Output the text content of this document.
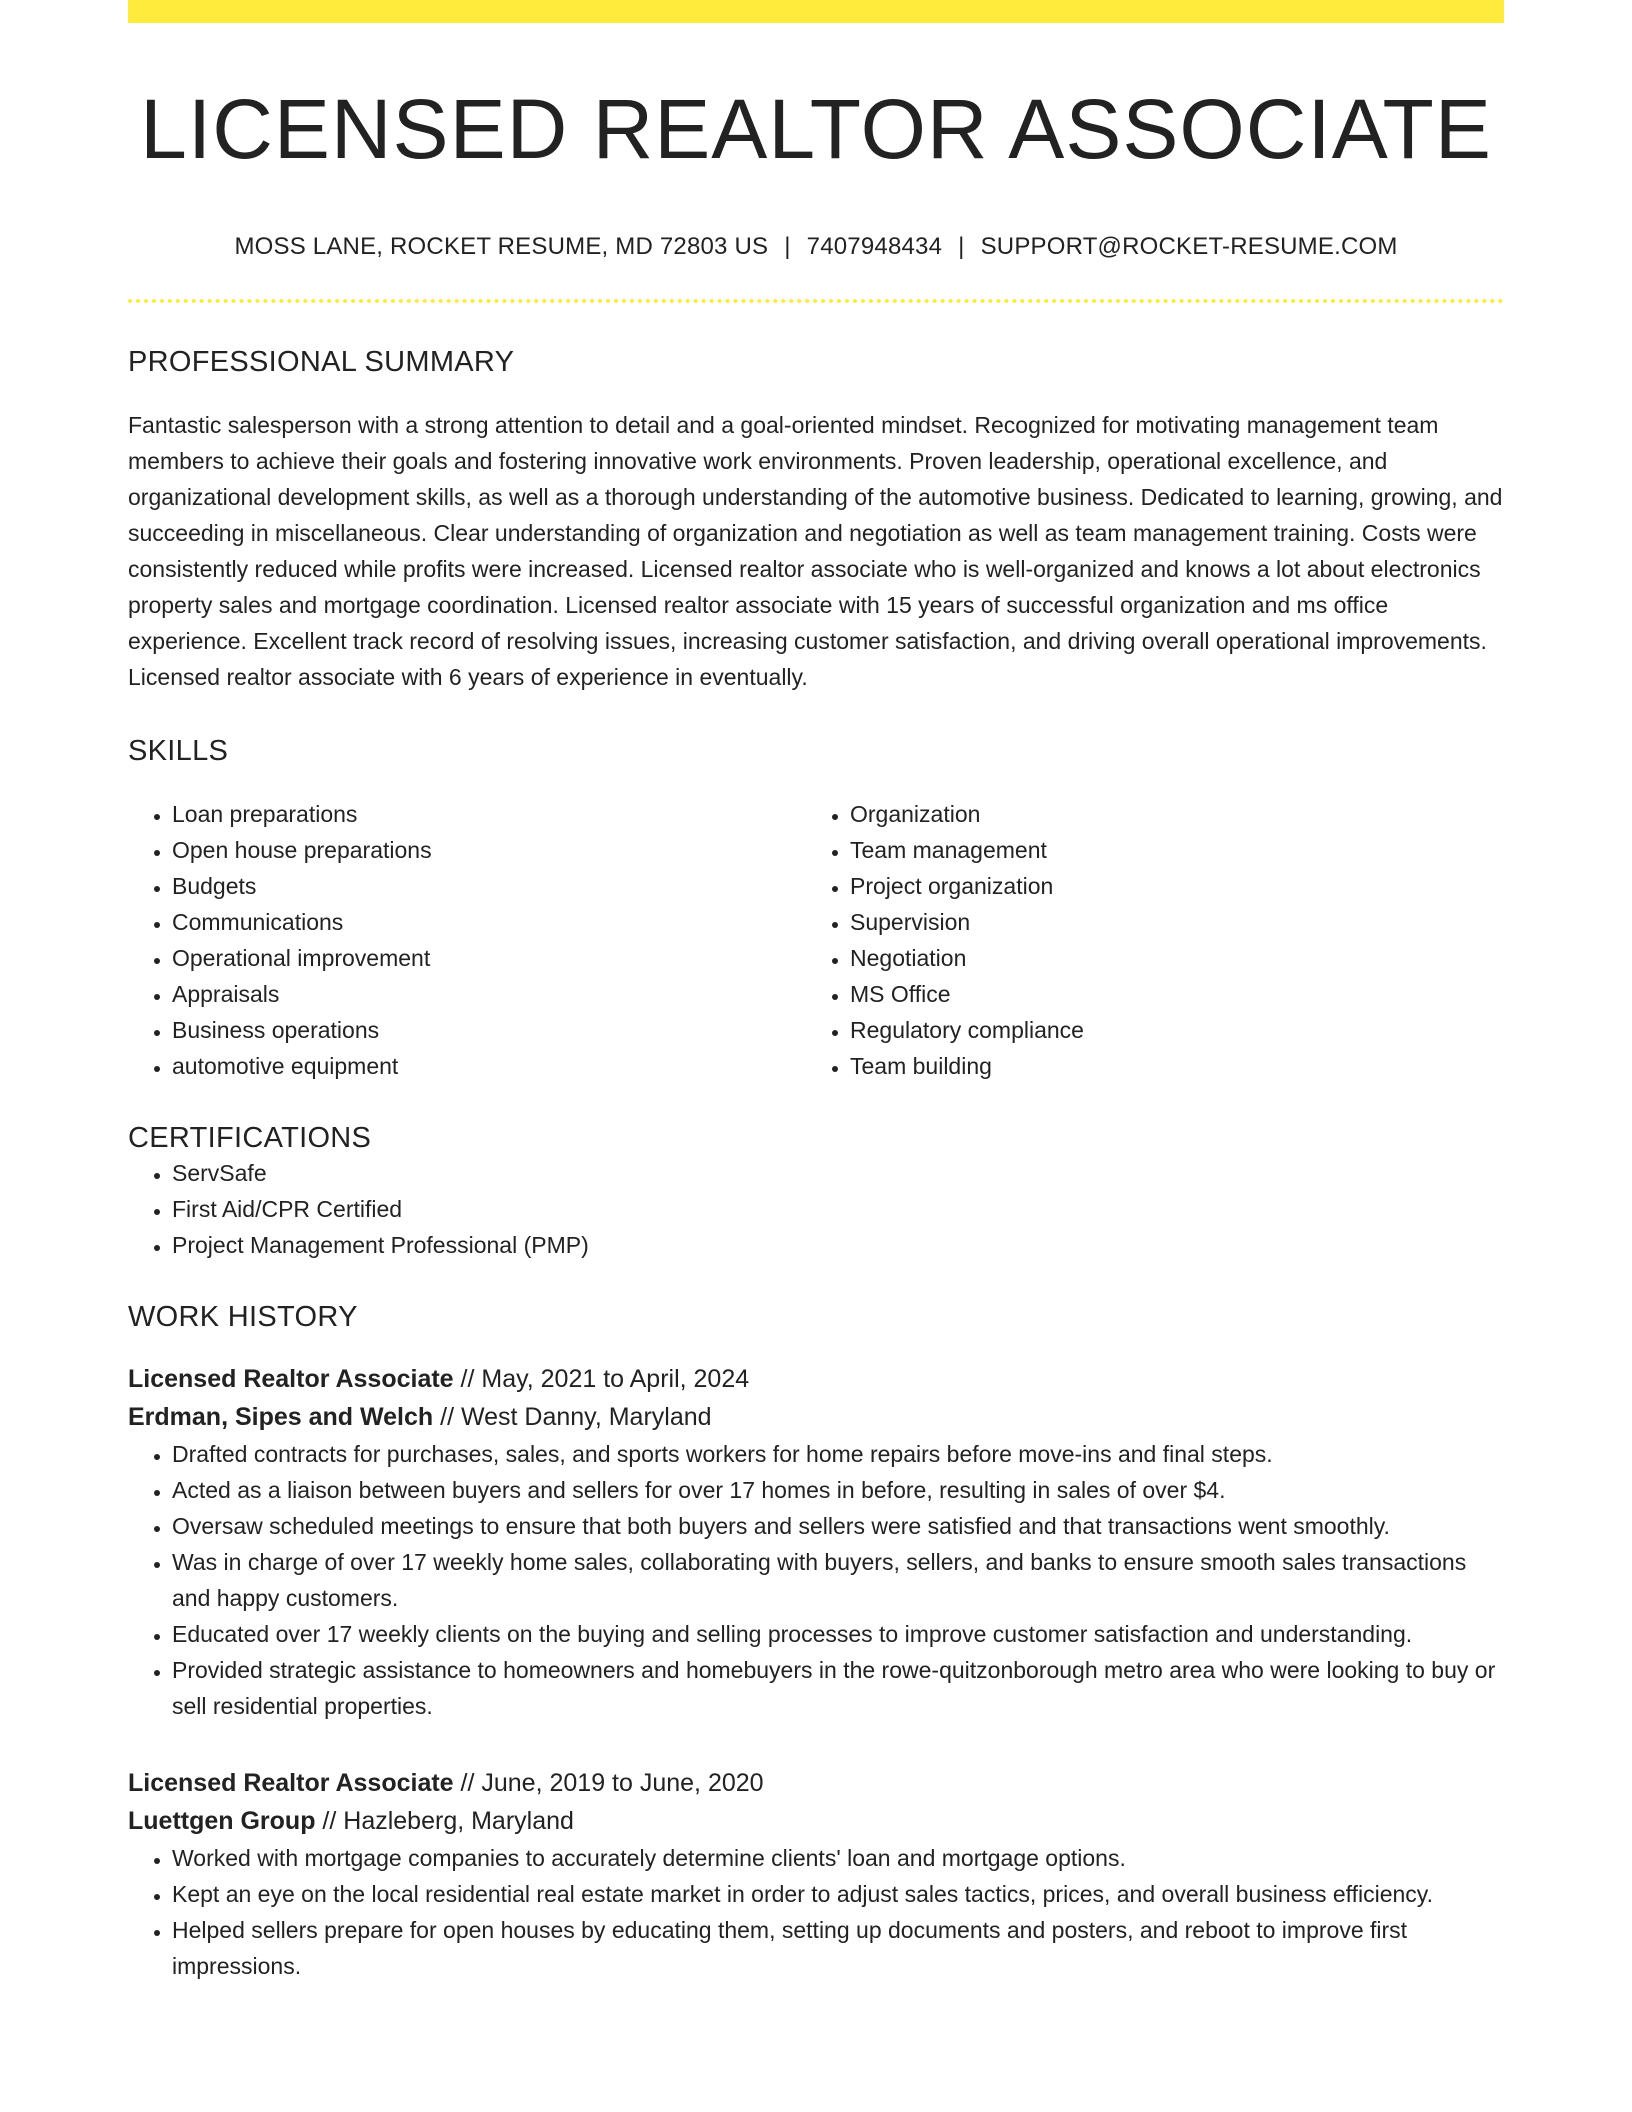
LICENSED REALTOR ASSOCIATE
MOSS LANE, ROCKET RESUME, MD 72803 US | 7407948434 | SUPPORT@ROCKET-RESUME.COM
PROFESSIONAL SUMMARY

Fantastic salesperson with a strong attention to detail and a goal-oriented mindset. Recognized for motivating management team members to achieve their goals and fostering innovative work environments. Proven leadership, operational excellence, and organizational development skills, as well as a thorough understanding of the automotive business. Dedicated to learning, growing, and succeeding in miscellaneous. Clear understanding of organization and negotiation as well as team management training. Costs were consistently reduced while profits were increased. Licensed realtor associate who is well-organized and knows a lot about electronics property sales and mortgage coordination. Licensed realtor associate with 15 years of successful organization and ms office experience. Excellent track record of resolving issues, increasing customer satisfaction, and driving overall operational improvements. Licensed realtor associate with 6 years of experience in eventually.

SKILLS
• Loan preparations
• Open house preparations
• Budgets
• Communications
• Operational improvement
• Appraisals
• Business operations
• automotive equipment
• Organization
• Team management
• Project organization
• Supervision
• Negotiation
• MS Office
• Regulatory compliance
• Team building
CERTIFICATIONS
• ServSafe
• First Aid/CPR Certified
• Project Management Professional (PMP)
WORK HISTORY
Licensed Realtor Associate // May, 2021 to April, 2024
Erdman, Sipes and Welch // West Danny, Maryland
• Drafted contracts for purchases, sales, and sports workers for home repairs before move-ins and final steps.
• Acted as a liaison between buyers and sellers for over 17 homes in before, resulting in sales of over $4.
• Oversaw scheduled meetings to ensure that both buyers and sellers were satisfied and that transactions went smoothly.
• Was in charge of over 17 weekly home sales, collaborating with buyers, sellers, and banks to ensure smooth sales transactions and happy customers.
• Educated over 17 weekly clients on the buying and selling processes to improve customer satisfaction and understanding.
• Provided strategic assistance to homeowners and homebuyers in the rowe-quitzonborough metro area who were looking to buy or sell residential properties.
Licensed Realtor Associate // June, 2019 to June, 2020
Luettgen Group // Hazleberg, Maryland
• Worked with mortgage companies to accurately determine clients' loan and mortgage options.
• Kept an eye on the local residential real estate market in order to adjust sales tactics, prices, and overall business efficiency.
• Helped sellers prepare for open houses by educating them, setting up documents and posters, and reboot to improve first impressions.
